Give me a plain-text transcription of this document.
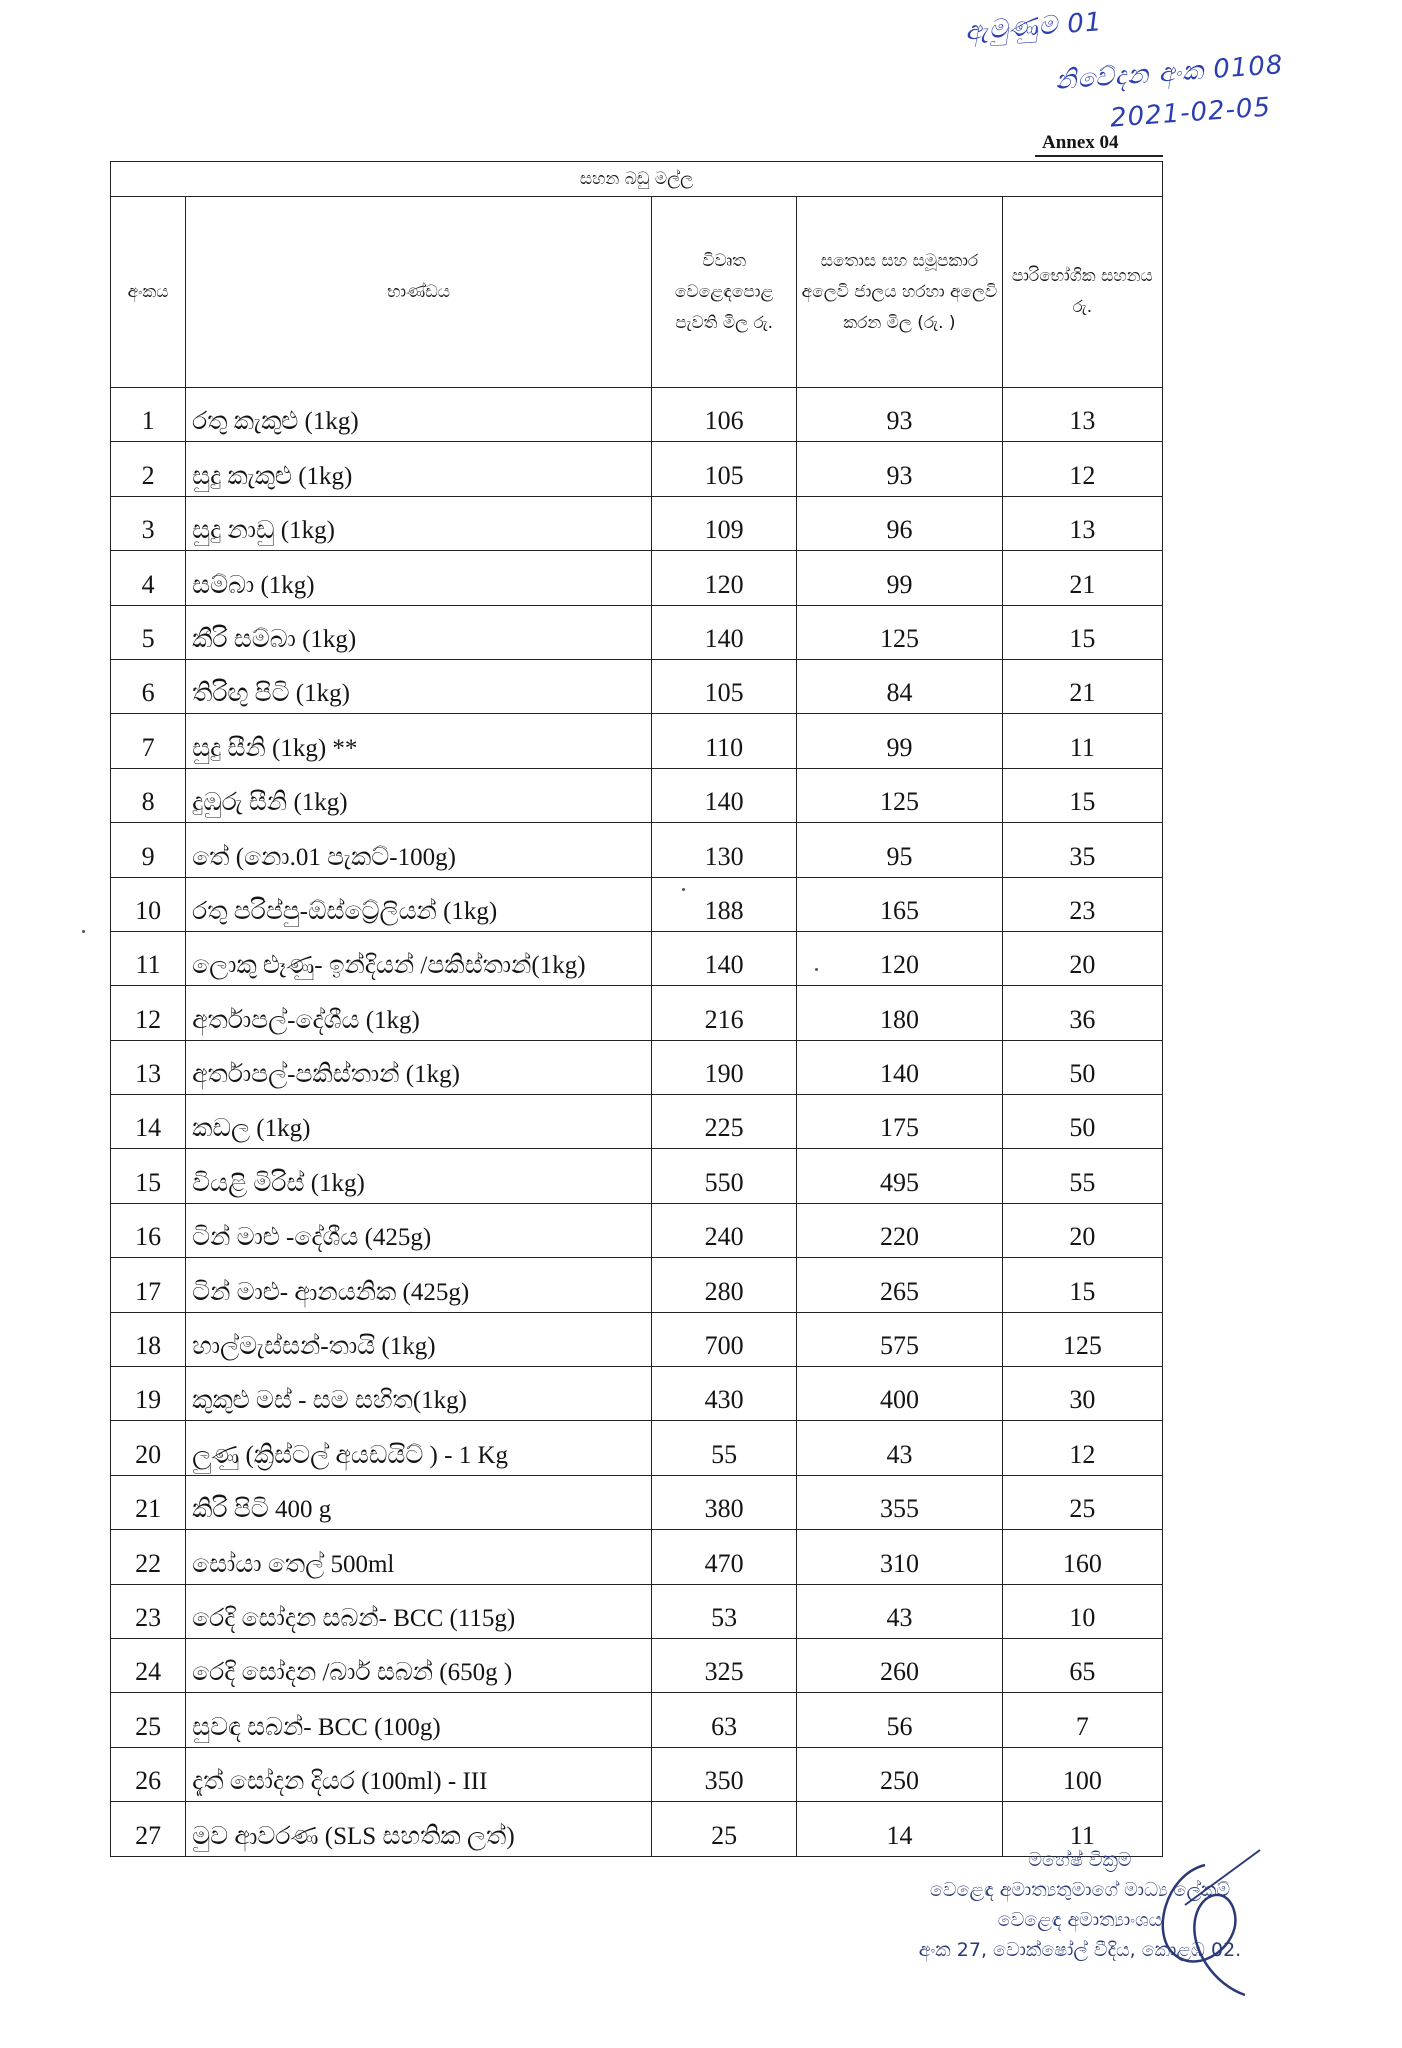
ඇමුණුම 01
නිවේදන අංක 0108
2021-02-05
Annex 04
සහන බඩු මල්ල				
අංකය	භාණ්ඩය	විවෘත වෙළෙඳපොළ පැවති මිල රු.	සතොස සහ සමූපකාර අලෙවි ජාලය හරහා අලෙවි කරන මිල (රු. )	පාරිභෝගික සහනය රු.
1	රතු කැකුළු (1kg)	106	93	13
2	සුදු කැකුළු (1kg)	105	93	12
3	සුදු නාඩු (1kg)	109	96	13
4	සම්බා (1kg)	120	99	21
5	කීරි සම්බා (1kg)	140	125	15
6	තිරිඟු පිටි (1kg)	105	84	21
7	සුදු සීනි (1kg) **	110	99	11
8	දුඹුරු සීනි (1kg)	140	125	15
9	තේ (නො.01 පැකට්-100g)	130	95	35
10	රතු පරිප්පු-ඕස්ට්‍රේලියන් (1kg)	188	165	23
11	ලොකු ළූණු- ඉන්දියන් /පකිස්තාන්(1kg)	140	120	20
12	අර්තාපල්-දේශීය (1kg)	216	180	36
13	අර්තාපල්-පකිස්තාන් (1kg)	190	140	50
14	කඩල (1kg)	225	175	50
15	වියළි මිරිස් (1kg)	550	495	55
16	ටින් මාළු -දේශීය (425g)	240	220	20
17	ටින් මාළු- ආනයනික (425g)	280	265	15
18	හාල්මැස්සන්-තායි (1kg)	700	575	125
19	කුකුළු මස් - සම සහිත(1kg)	430	400	30
20	ලුණු (ක්‍රිස්ටල් අයඩයිට් ) - 1 Kg	55	43	12
21	කිරි පිටි 400 g	380	355	25
22	සෝයා තෙල් 500ml	470	310	160
23	රෙදි සෝදන සබන්- BCC (115g)	53	43	10
24	රෙදි සෝදන /බාර් සබන් (650g )	325	260	65
25	සුවඳ සබන්- BCC (100g)	63	56	7
26	දැත් සෝදන දියර (100ml) - III	350	250	100
27	මුව ආවරණ (SLS සහතික ලත්)	25	14	11
මහේෂ් වික්‍රම
වෙළෙඳ අමාත්‍යතුමාගේ මාධ්‍ය ලේකම්
වෙළෙඳ අමාත්‍යාංශය
අංක 27, වොක්ෂෝල් වීදිය, කොළඹ 02.
